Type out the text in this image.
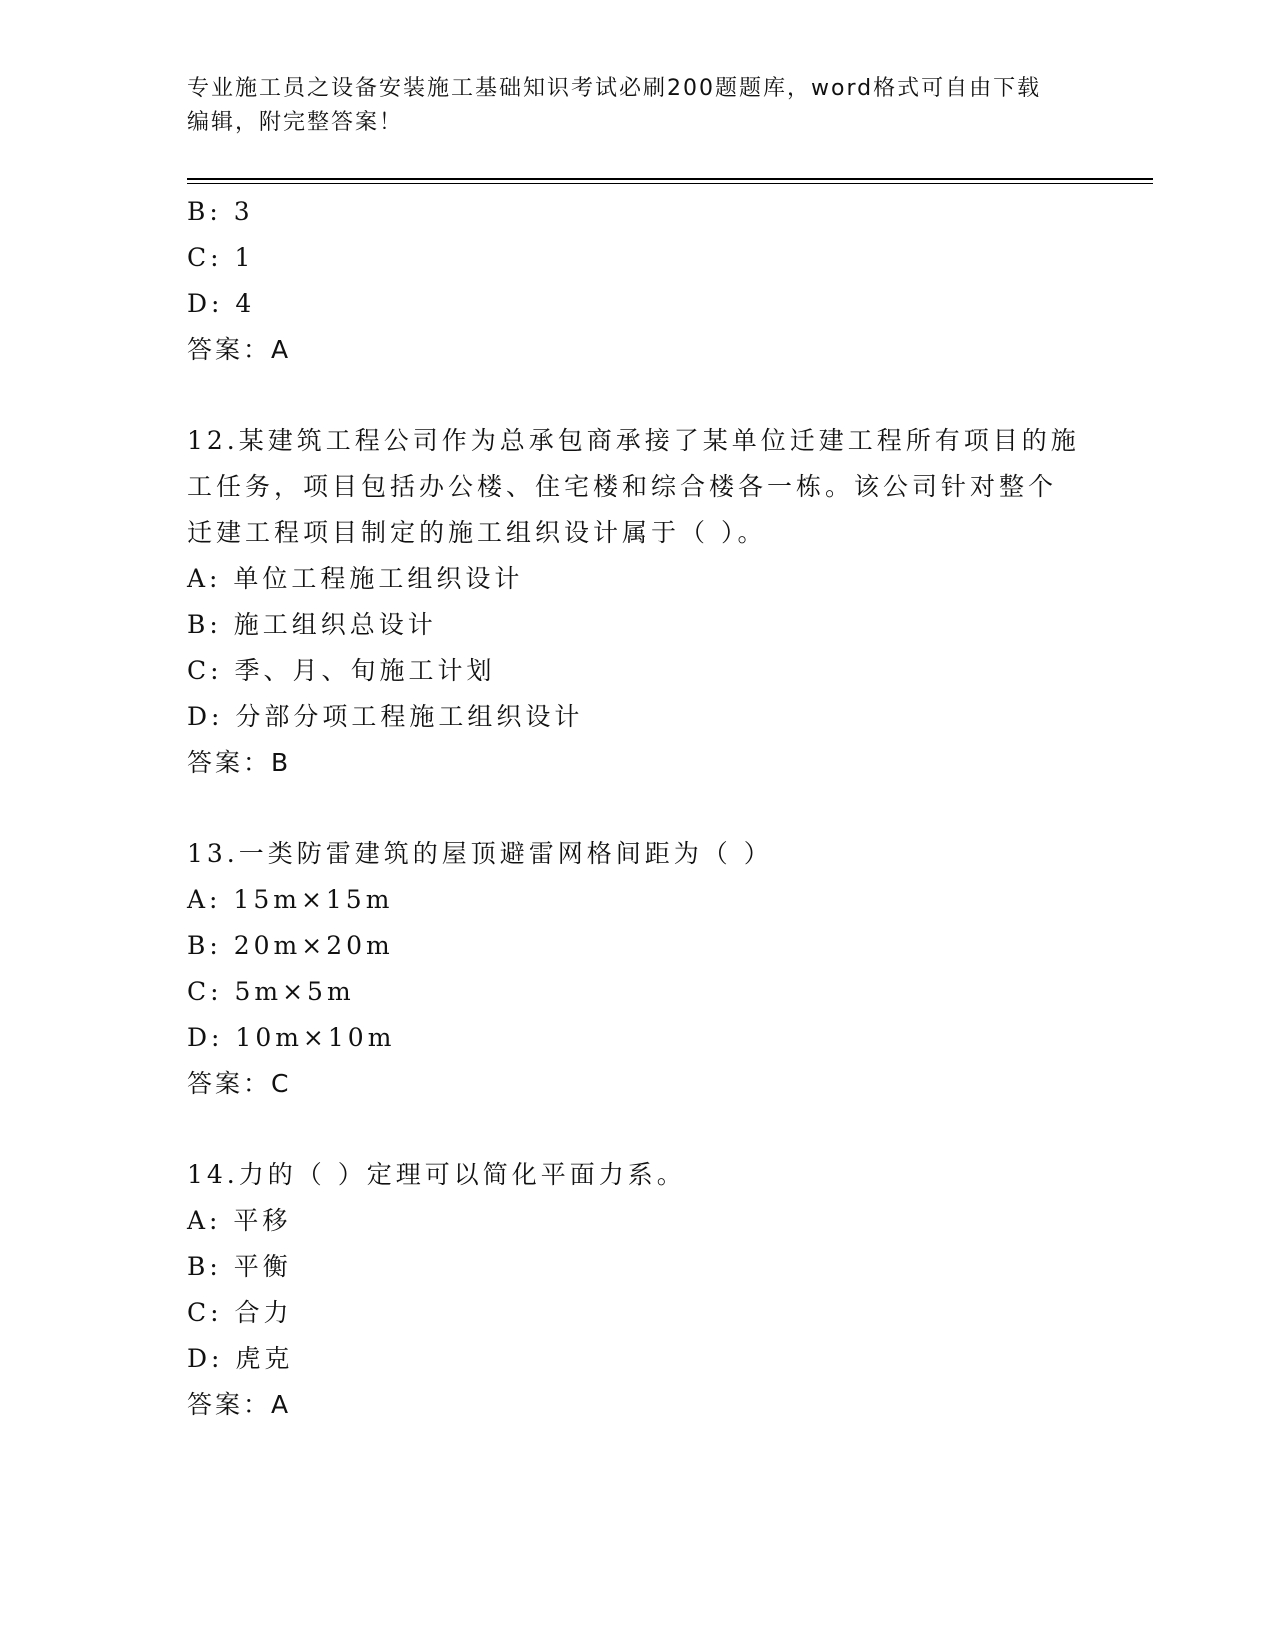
专业施工员之设备安装施工基础知识考试必刷200题题库，word格式可自由下载
编辑，附完整答案！
B: 3
C: 1
D: 4
答案：A
12.某建筑工程公司作为总承包商承接了某单位迁建工程所有项目的施
工任务，项目包括办公楼、住宅楼和综合楼各一栋。该公司针对整个
迁建工程项目制定的施工组织设计属于（ ）。
A: 单位工程施工组织设计
B: 施工组织总设计
C: 季、月、旬施工计划
D: 分部分项工程施工组织设计
答案：B
13.一类防雷建筑的屋顶避雷网格间距为（ ）
A: 15m×15m
B: 20m×20m
C: 5m×5m
D: 10m×10m
答案：C
14.力的（ ）定理可以简化平面力系。
A: 平移
B: 平衡
C: 合力
D: 虎克
答案：A
